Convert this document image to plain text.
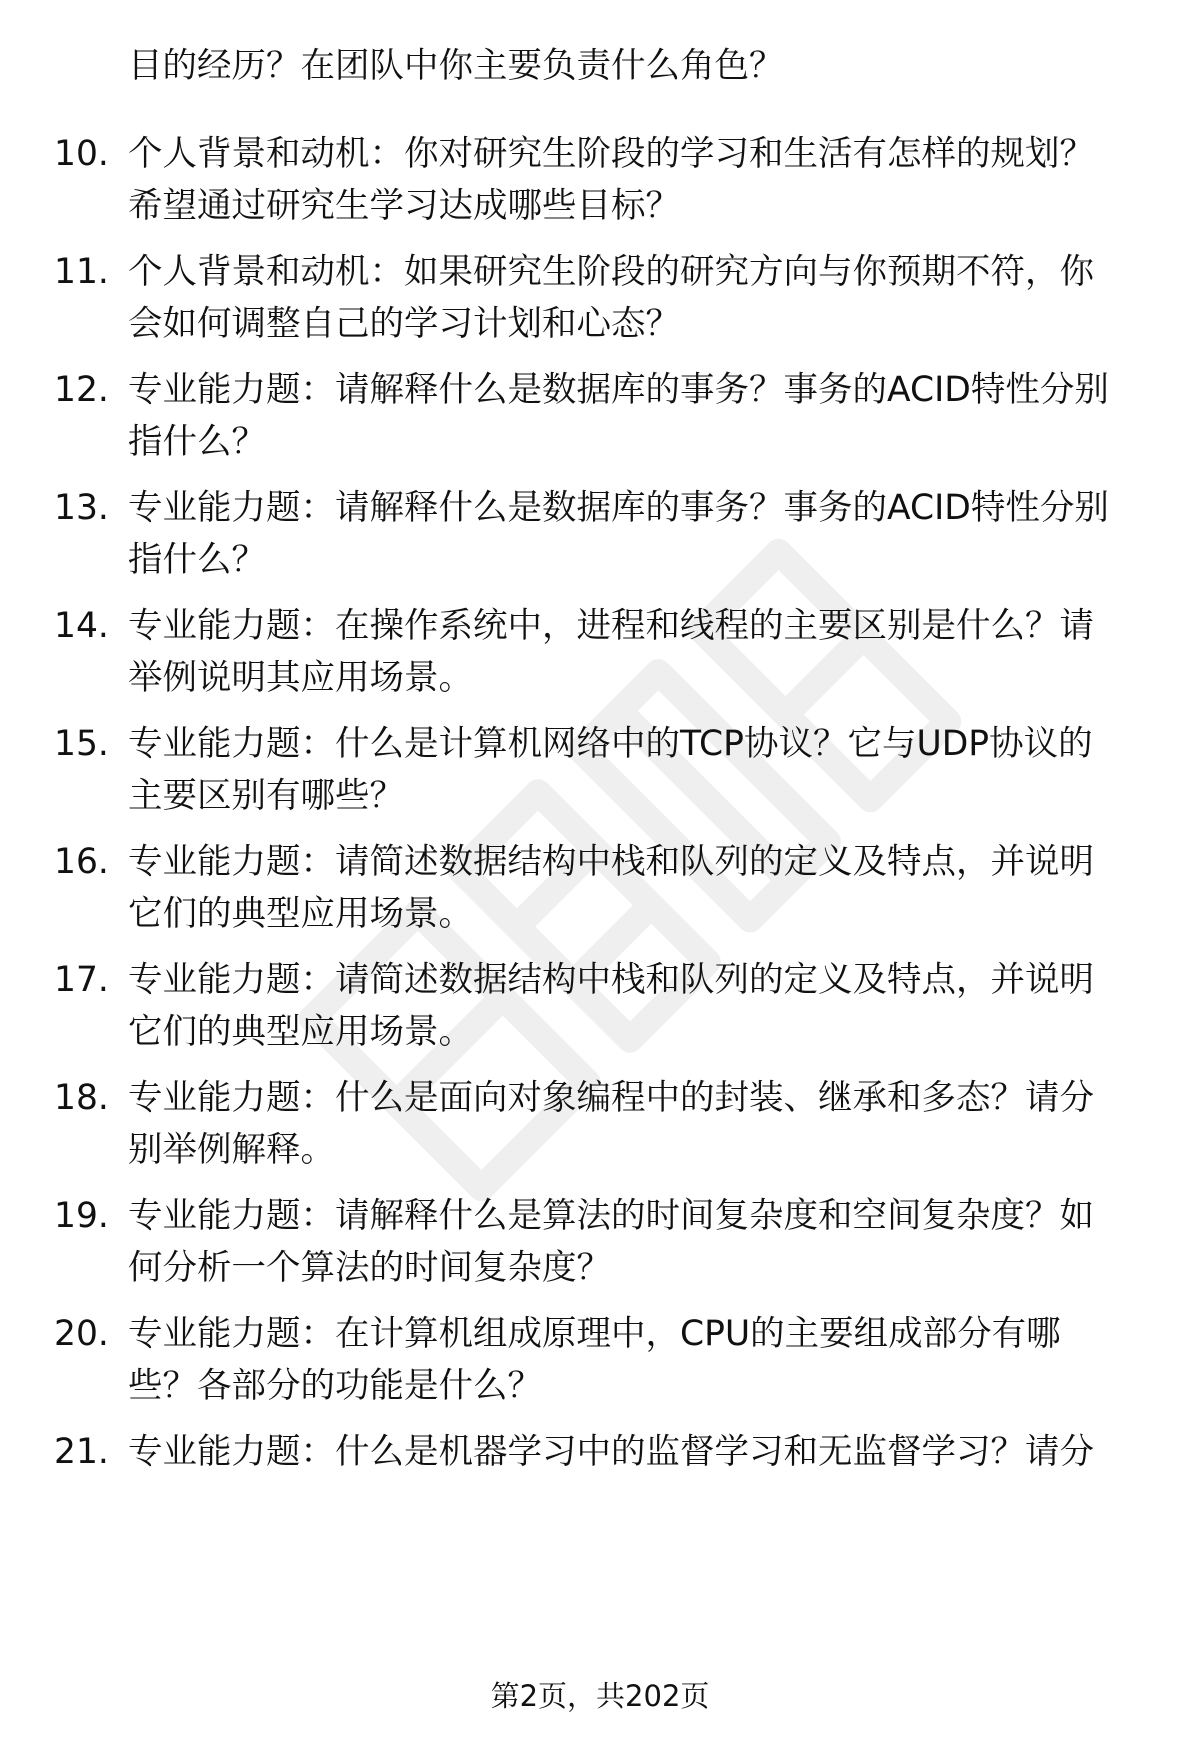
目的经历？在团队中你主要负责什么角色？
10. 个人背景和动机：你对研究生阶段的学习和生活有怎样的规划？
希望通过研究生学习达成哪些目标？
11. 个人背景和动机：如果研究生阶段的研究方向与你预期不符，你
会如何调整自己的学习计划和心态？
12. 专业能力题：请解释什么是数据库的事务？事务的ACID特性分别
指什么？
13. 专业能力题：请解释什么是数据库的事务？事务的ACID特性分别
指什么？
14. 专业能力题：在操作系统中，进程和线程的主要区别是什么？请
举例说明其应用场景。
15. 专业能力题：什么是计算机网络中的TCP协议？它与UDP协议的
主要区别有哪些？
16. 专业能力题：请简述数据结构中栈和队列的定义及特点，并说明
它们的典型应用场景。
17. 专业能力题：请简述数据结构中栈和队列的定义及特点，并说明
它们的典型应用场景。
18. 专业能力题：什么是面向对象编程中的封装、继承和多态？请分
别举例解释。
19. 专业能力题：请解释什么是算法的时间复杂度和空间复杂度？如
何分析一个算法的时间复杂度？
20. 专业能力题：在计算机组成原理中，CPU的主要组成部分有哪
些？各部分的功能是什么？
21. 专业能力题：什么是机器学习中的监督学习和无监督学习？请分
第2页，共202页
